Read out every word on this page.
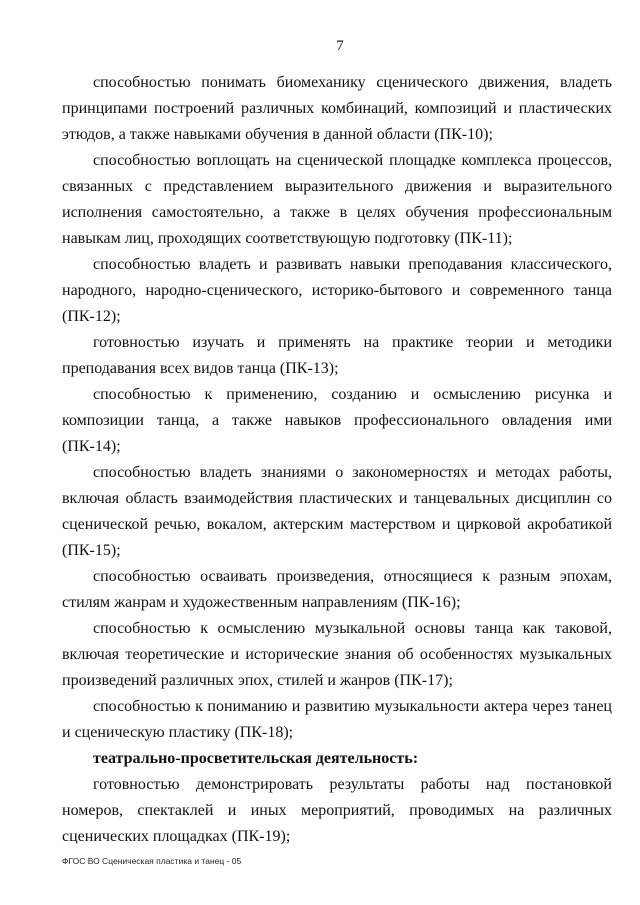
7

способностью понимать биомеханику сценического движения, владеть принципами построений различных комбинаций, композиций и пластических этюдов, а также навыками обучения в данной области (ПК-10);

способностью воплощать на сценической площадке комплекса процессов, связанных с представлением выразительного движения и выразительного исполнения самостоятельно, а также в целях обучения профессиональным навыкам лиц, проходящих соответствующую подготовку (ПК-11);

способностью владеть и развивать навыки преподавания классического, народного, народно-сценического, историко-бытового и современного танца (ПК-12);

готовностью изучать и применять на практике теории и методики преподавания всех видов танца (ПК-13);

способностью к применению, созданию и осмыслению рисунка и композиции танца, а также навыков профессионального овладения ими (ПК-14);

способностью владеть знаниями о закономерностях и методах работы, включая область взаимодействия пластических и танцевальных дисциплин со сценической речью, вокалом, актерским мастерством и цирковой акробатикой (ПК-15);

способностью осваивать произведения, относящиеся к разным эпохам, стилям жанрам и художественным направлениям (ПК-16);

способностью к осмыслению музыкальной основы танца как таковой, включая теоретические и исторические знания об особенностях музыкальных произведений различных эпох, стилей и жанров (ПК-17);

способностью к пониманию и развитию музыкальности актера через танец и сценическую пластику (ПК-18);

театрально-просветительская деятельность:

готовностью демонстрировать результаты работы над постановкой номеров, спектаклей и иных мероприятий, проводимых на различных сценических площадках (ПК-19);

ФГОС ВО Сценическая пластика и танец - 05
